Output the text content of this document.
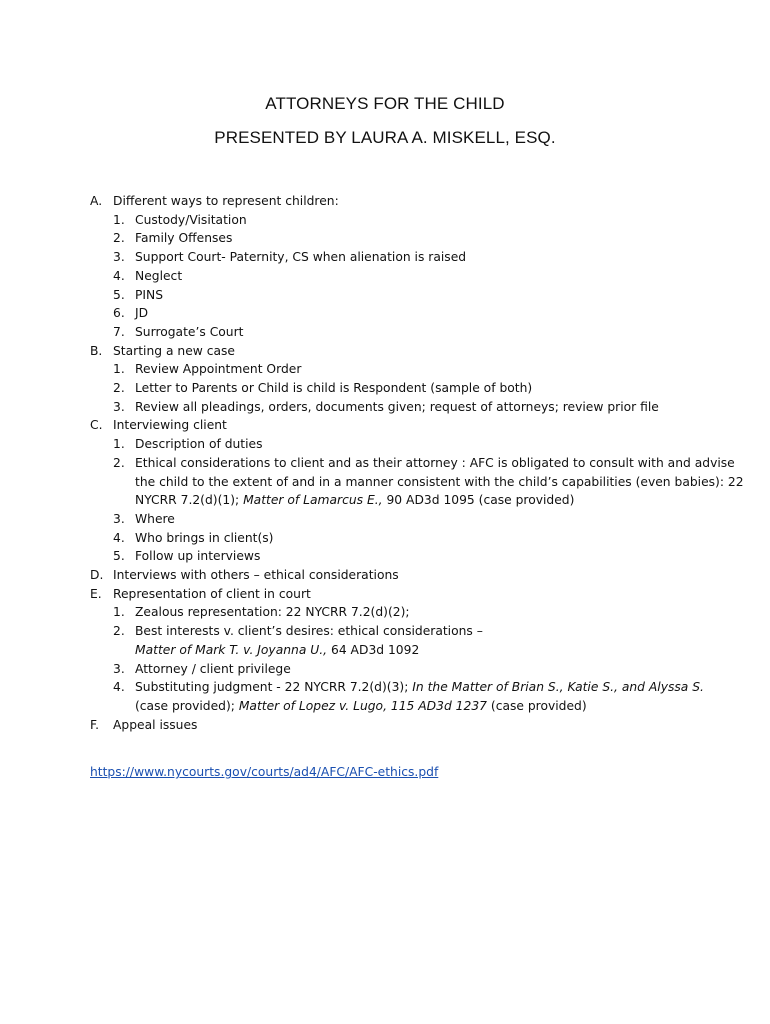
ATTORNEYS FOR THE CHILD
PRESENTED BY LAURA A. MISKELL, ESQ.
A. Different ways to represent children:
1. Custody/Visitation
2. Family Offenses
3. Support Court- Paternity, CS when alienation is raised
4. Neglect
5. PINS
6. JD
7. Surrogate’s Court
B. Starting a new case
1. Review Appointment Order
2. Letter to Parents or Child is child is Respondent (sample of both)
3. Review all pleadings, orders, documents given; request of attorneys; review prior file
C. Interviewing client
1. Description of duties
2. Ethical considerations to client and as their attorney : AFC is obligated to consult with and advise the child to the extent of and in a manner consistent with the child’s capabilities (even babies): 22 NYCRR 7.2(d)(1); Matter of Lamarcus E., 90 AD3d 1095 (case provided)
3. Where
4. Who brings in client(s)
5. Follow up interviews
D. Interviews with others – ethical considerations
E. Representation of client in court
1. Zealous representation: 22 NYCRR 7.2(d)(2);
2. Best interests v. client’s desires: ethical considerations –
Matter of Mark T. v. Joyanna U., 64 AD3d 1092
3. Attorney / client privilege
4. Substituting judgment - 22 NYCRR 7.2(d)(3); In the Matter of Brian S., Katie S., and Alyssa S.
(case provided); Matter of Lopez v. Lugo, 115 AD3d 1237 (case provided)
F.	Appeal issues
https://www.nycourts.gov/courts/ad4/AFC/AFC-ethics.pdf
